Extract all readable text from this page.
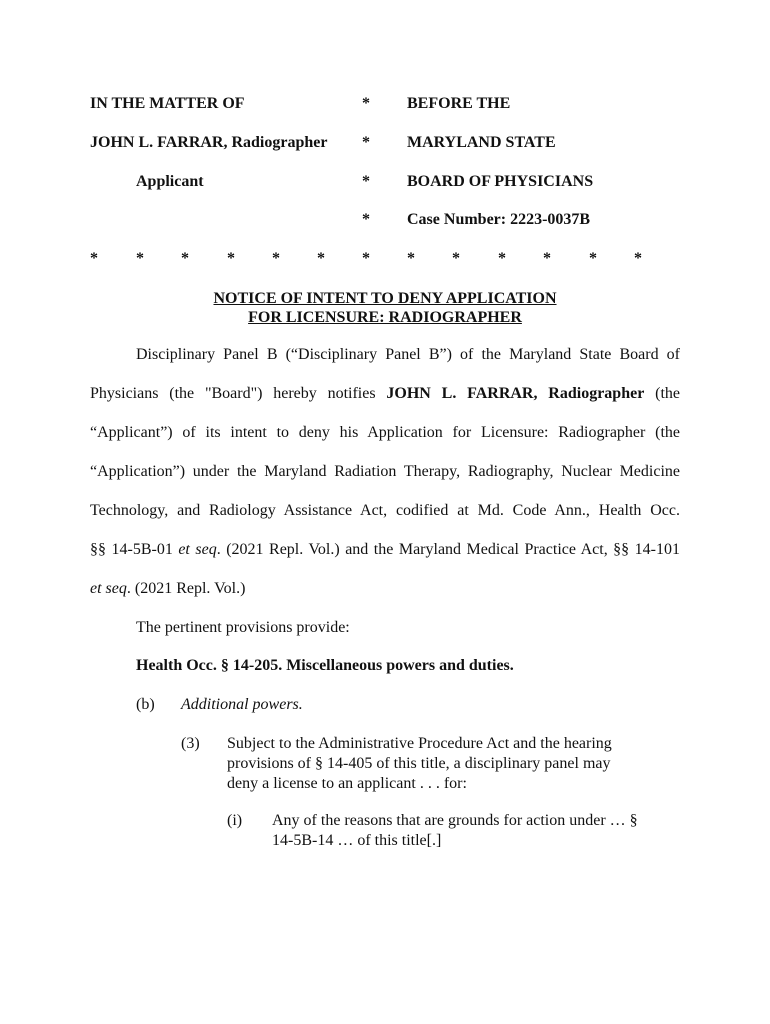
IN THE MATTER OF
JOHN L. FARRAR, Radiographer
Applicant
*
*
*
*
BEFORE THE
MARYLAND STATE
BOARD OF PHYSICIANS
Case Number: 2223-0037B
* * * * * * * * * * * * *
NOTICE OF INTENT TO DENY APPLICATION
FOR LICENSURE: RADIOGRAPHER
Disciplinary Panel B (“Disciplinary Panel B”) of the Maryland State Board of
Physicians (the "Board") hereby notifies JOHN L. FARRAR, Radiographer (the
“Applicant”) of its intent to deny his Application for Licensure: Radiographer (the
“Application”) under the Maryland Radiation Therapy, Radiography, Nuclear Medicine
Technology, and Radiology Assistance Act, codified at Md. Code Ann., Health Occ.
§§ 14-5B-01 et seq. (2021 Repl. Vol.) and the Maryland Medical Practice Act, §§ 14-101
et seq. (2021 Repl. Vol.)
The pertinent provisions provide:
Health Occ. § 14-205. Miscellaneous powers and duties.
(b) Additional powers.
(3) Subject to the Administrative Procedure Act and the hearing provisions of § 14-405 of this title, a disciplinary panel may deny a license to an applicant . . . for:
(i) Any of the reasons that are grounds for action under … § 14-5B-14 … of this title[.]
